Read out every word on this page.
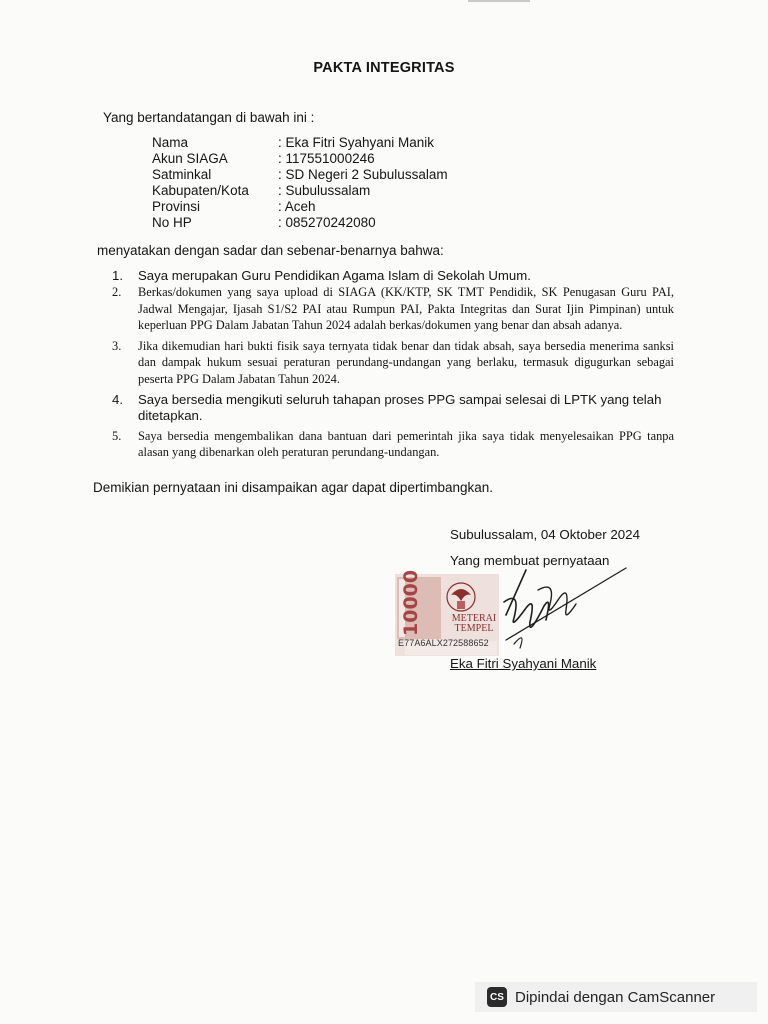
PAKTA INTEGRITAS
Yang bertandatangan di bawah ini :
Nama	: Eka Fitri Syahyani Manik
Akun SIAGA	: 117551000246
Satminkal	: SD Negeri 2 Subulussalam
Kabupaten/Kota : Subulussalam
Provinsi	: Aceh
No HP	: 085270242080
menyatakan dengan sadar dan sebenar-benarnya bahwa:
1. Saya merupakan Guru Pendidikan Agama Islam di Sekolah Umum.
2. Berkas/dokumen yang saya upload di SIAGA (KK/KTP, SK TMT Pendidik, SK Penugasan Guru PAI, Jadwal Mengajar, Ijasah S1/S2 PAI atau Rumpun PAI, Pakta Integritas dan Surat Ijin Pimpinan) untuk keperluan PPG Dalam Jabatan Tahun 2024 adalah berkas/dokumen yang benar dan absah adanya.
3. Jika dikemudian hari bukti fisik saya ternyata tidak benar dan tidak absah, saya bersedia menerima sanksi dan dampak hukum sesuai peraturan perundang-undangan yang berlaku, termasuk digugurkan sebagai peserta PPG Dalam Jabatan Tahun 2024.
4. Saya bersedia mengikuti seluruh tahapan proses PPG sampai selesai di LPTK yang telah ditetapkan.
5. Saya bersedia mengembalikan dana bantuan dari pemerintah jika saya tidak menyelesaikan PPG tanpa alasan yang dibenarkan oleh peraturan perundang-undangan.
Demikian pernyataan ini disampaikan agar dapat dipertimbangkan.
Subulussalam, 04 Oktober 2024
Yang membuat pernyataan
10000	METERAI
TEMPEL
E77A6ALX272588652
Eka Fitri Syahyani Manik
CS Dipindai dengan CamScanner
